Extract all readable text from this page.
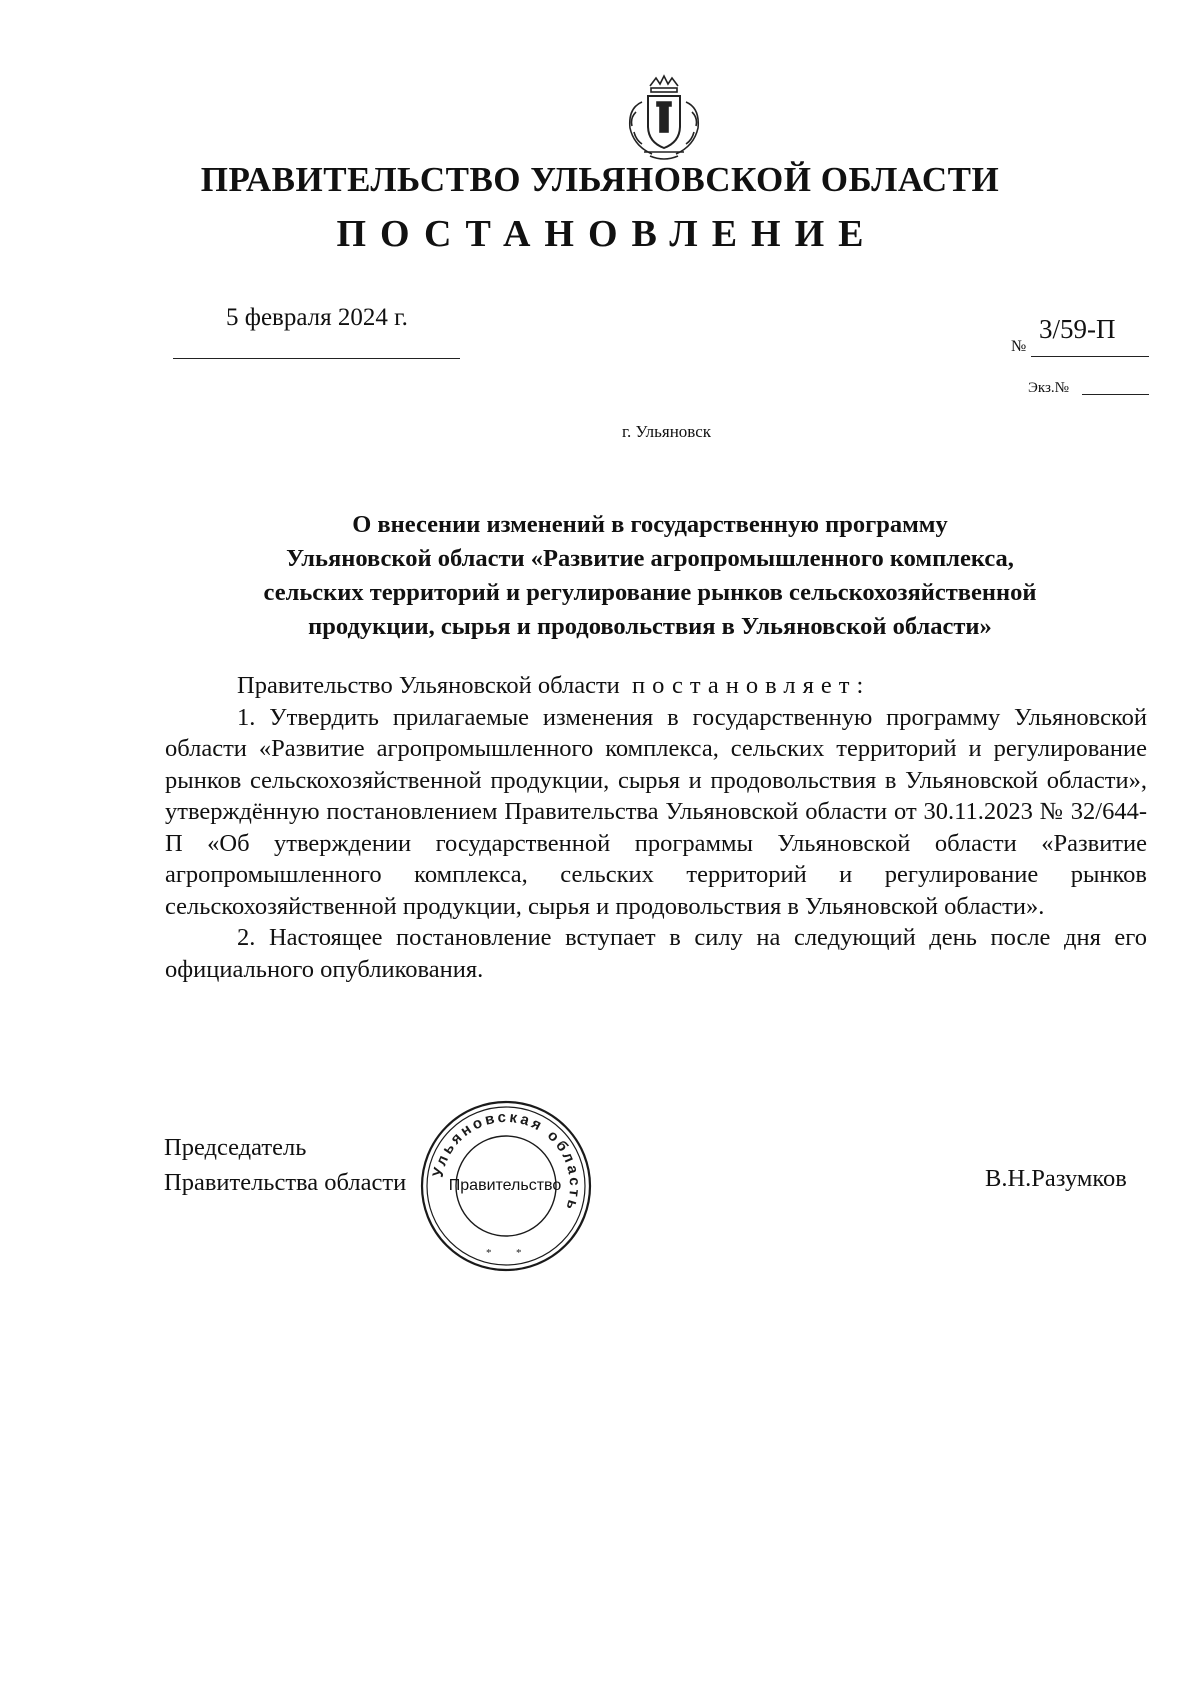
ПРАВИТЕЛЬСТВО УЛЬЯНОВСКОЙ ОБЛАСТИ
ПОСТАНОВЛЕНИЕ
5 февраля 2024 г.
№
3/59-П
Экз.№
г. Ульяновск
О внесении изменений в государственную программу
Ульяновской области «Развитие агропромышленного комплекса,
сельских территорий и регулирование рынков сельскохозяйственной
продукции, сырья и продовольствия в Ульяновской области»

Правительство Ульяновской области постановляет:

1. Утвердить прилагаемые изменения в государственную программу Ульяновской области «Развитие агропромышленного комплекса, сельских территорий и регулирование рынков сельскохозяйственной продукции, сырья и продовольствия в Ульяновской области», утверждённую постановлением Правительства Ульяновской области от 30.11.2023 № 32/644-П «Об утверждении государственной программы Ульяновской области «Развитие агропромышленного комплекса, сельских территорий и регулирование рынков сельскохозяйственной продукции, сырья и продовольствия в Ульяновской области».

2. Настоящее постановление вступает в силу на следующий день после дня его официального опубликования.

Председатель
Правительства области	В.Н.Разумков
Ульяновская область
* *
Правительство
